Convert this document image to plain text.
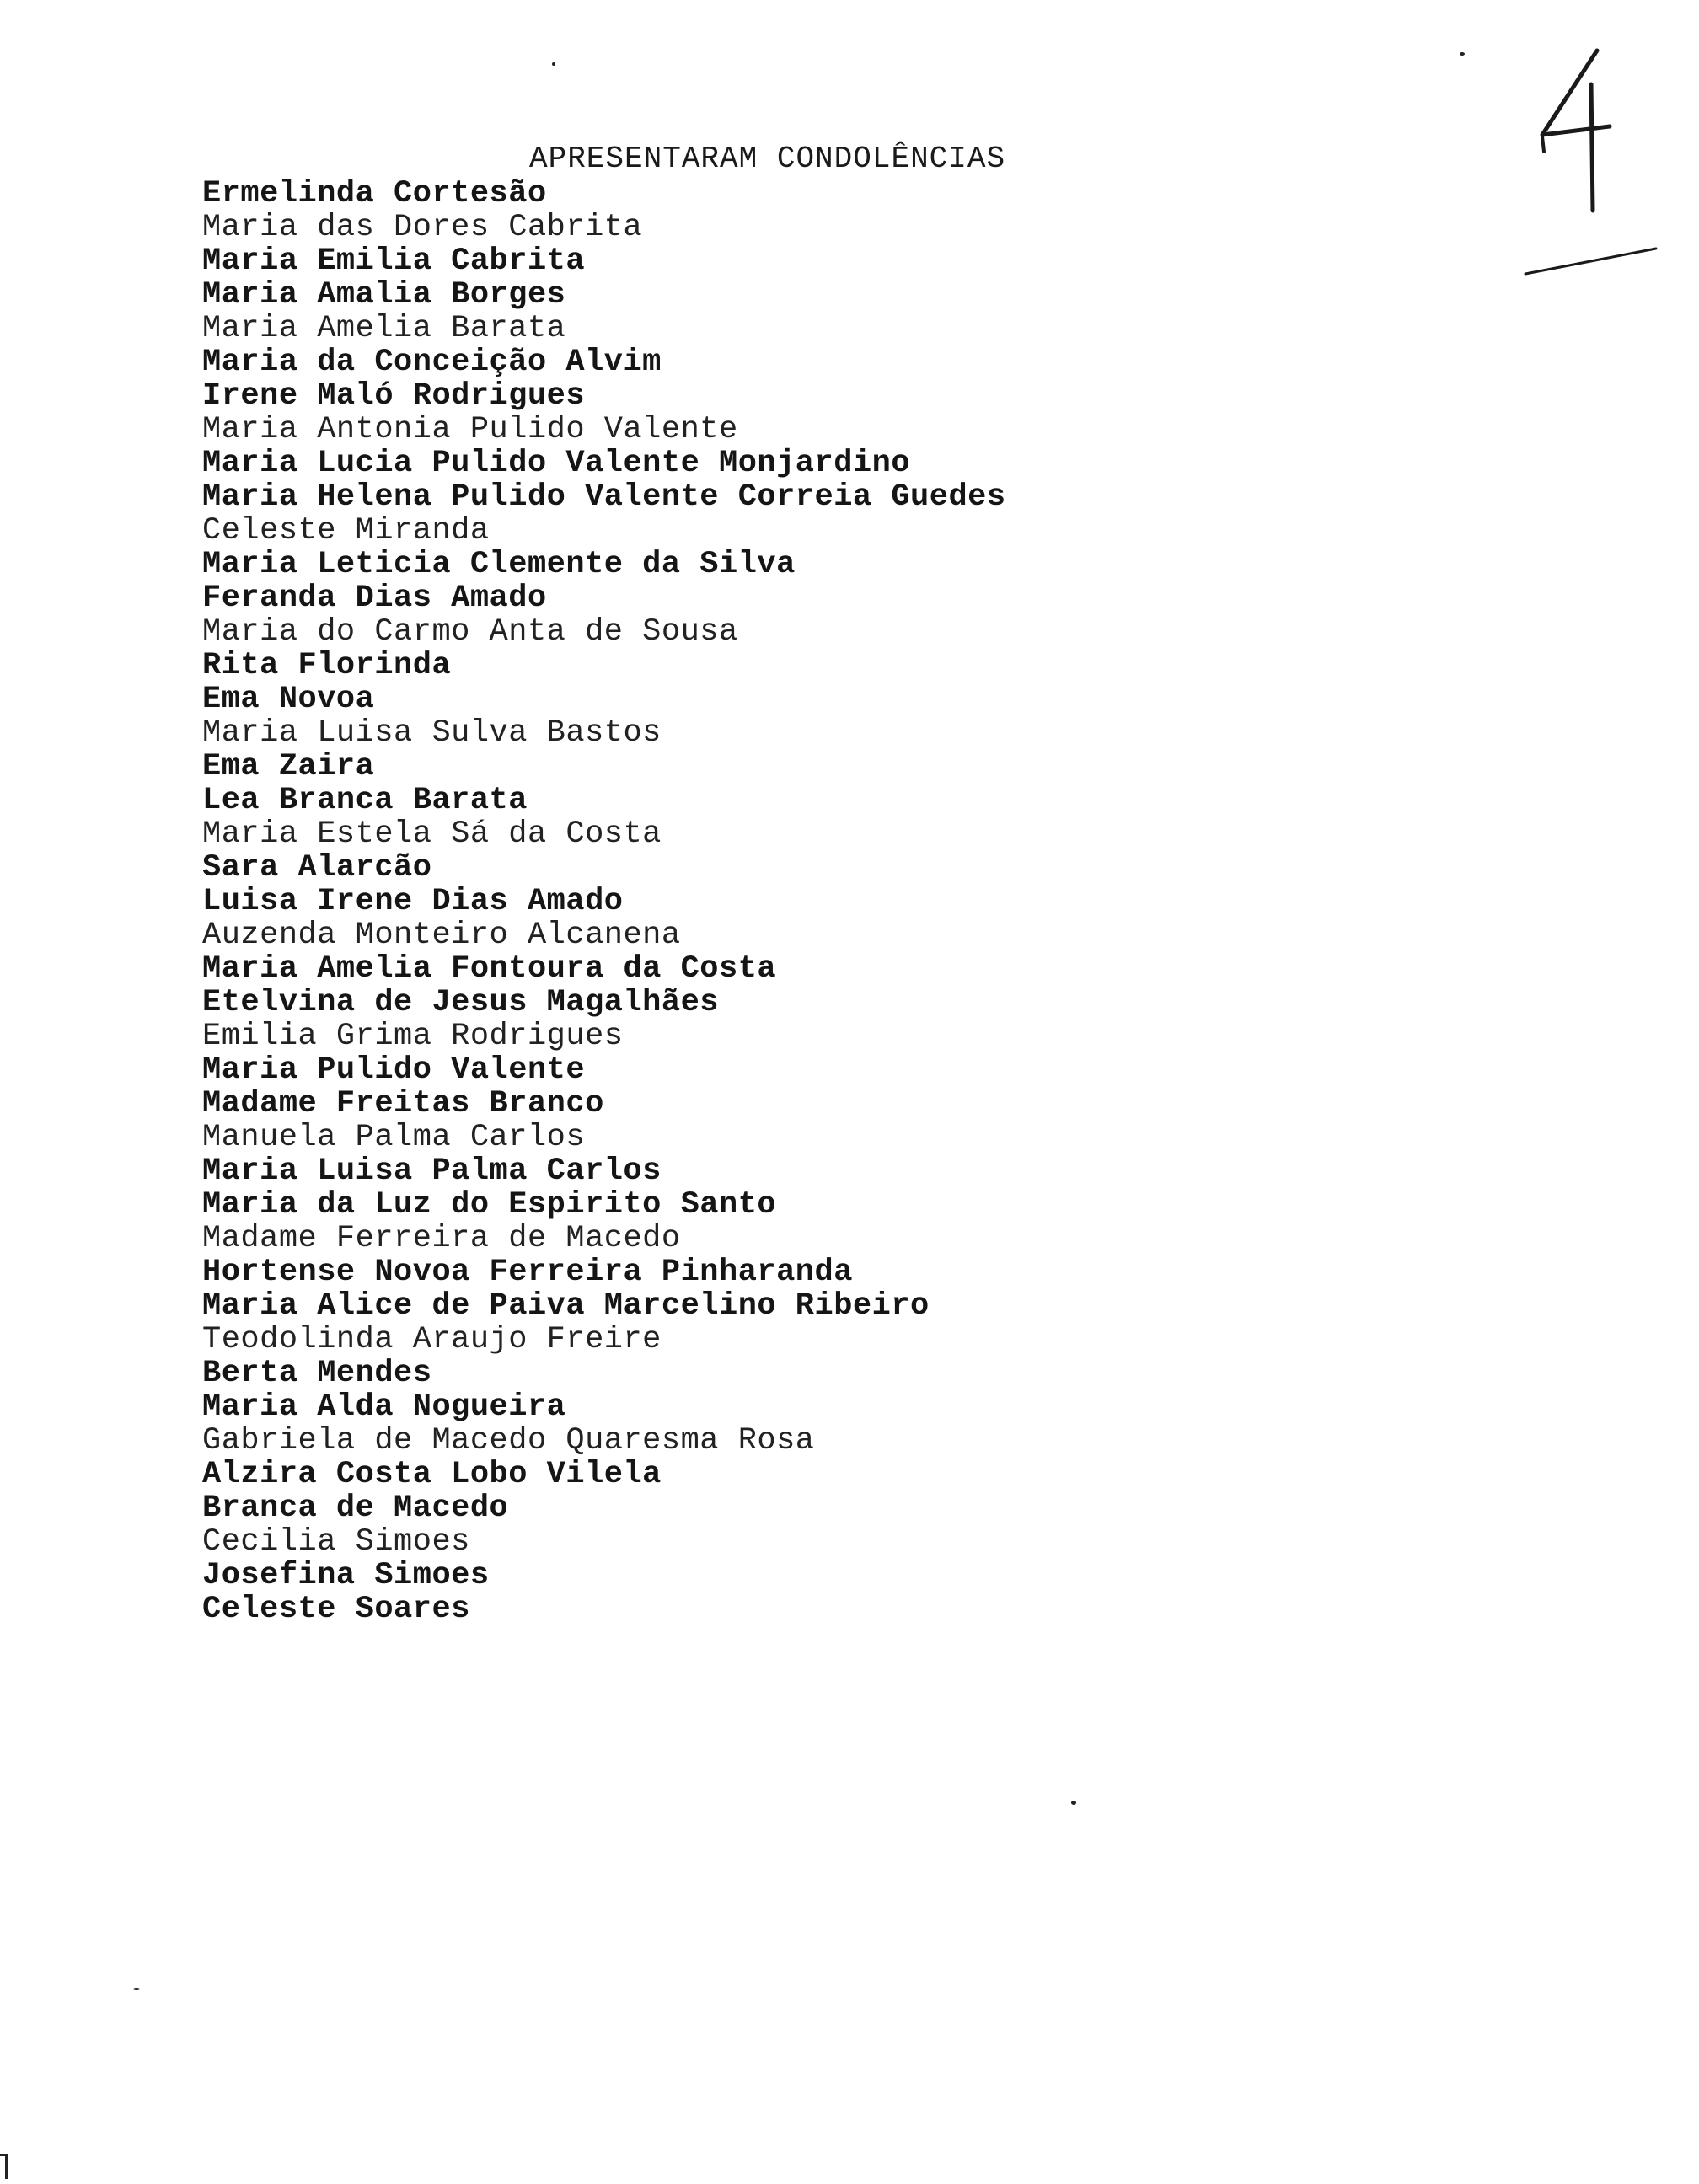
4
APRESENTARAM CONDOLÊNCIAS
Ermelinda Cortesão
Maria das Dores Cabrita
Maria Emilia Cabrita
Maria Amalia Borges
Maria Amelia Barata
Maria da Conceição Alvim
Irene Maló Rodrigues
Maria Antonia Pulido Valente
Maria Lucia Pulido Valente Monjardino
Maria Helena Pulido Valente Correia Guedes
Celeste Miranda
Maria Leticia Clemente da Silva
Feranda Dias Amado
Maria do Carmo Anta de Sousa
Rita Florinda
Ema Novoa
Maria Luisa Sulva Bastos
Ema Zaira
Lea Branca Barata
Maria Estela Sá da Costa
Sara Alarcão
Luisa Irene Dias Amado
Auzenda Monteiro Alcanena
Maria Amelia Fontoura da Costa
Etelvina de Jesus Magalhães
Emilia Grima Rodrigues
Maria Pulido Valente
Madame Freitas Branco
Manuela Palma Carlos
Maria Luisa Palma Carlos
Maria da Luz do Espirito Santo
Madame Ferreira de Macedo
Hortense Novoa Ferreira Pinharanda
Maria Alice de Paiva Marcelino Ribeiro
Teodolinda Araujo Freire
Berta Mendes
Maria Alda Nogueira
Gabriela de Macedo Quaresma Rosa
Alzira Costa Lobo Vilela
Branca de Macedo
Cecilia Simoes
Josefina Simoes
Celeste Soares
